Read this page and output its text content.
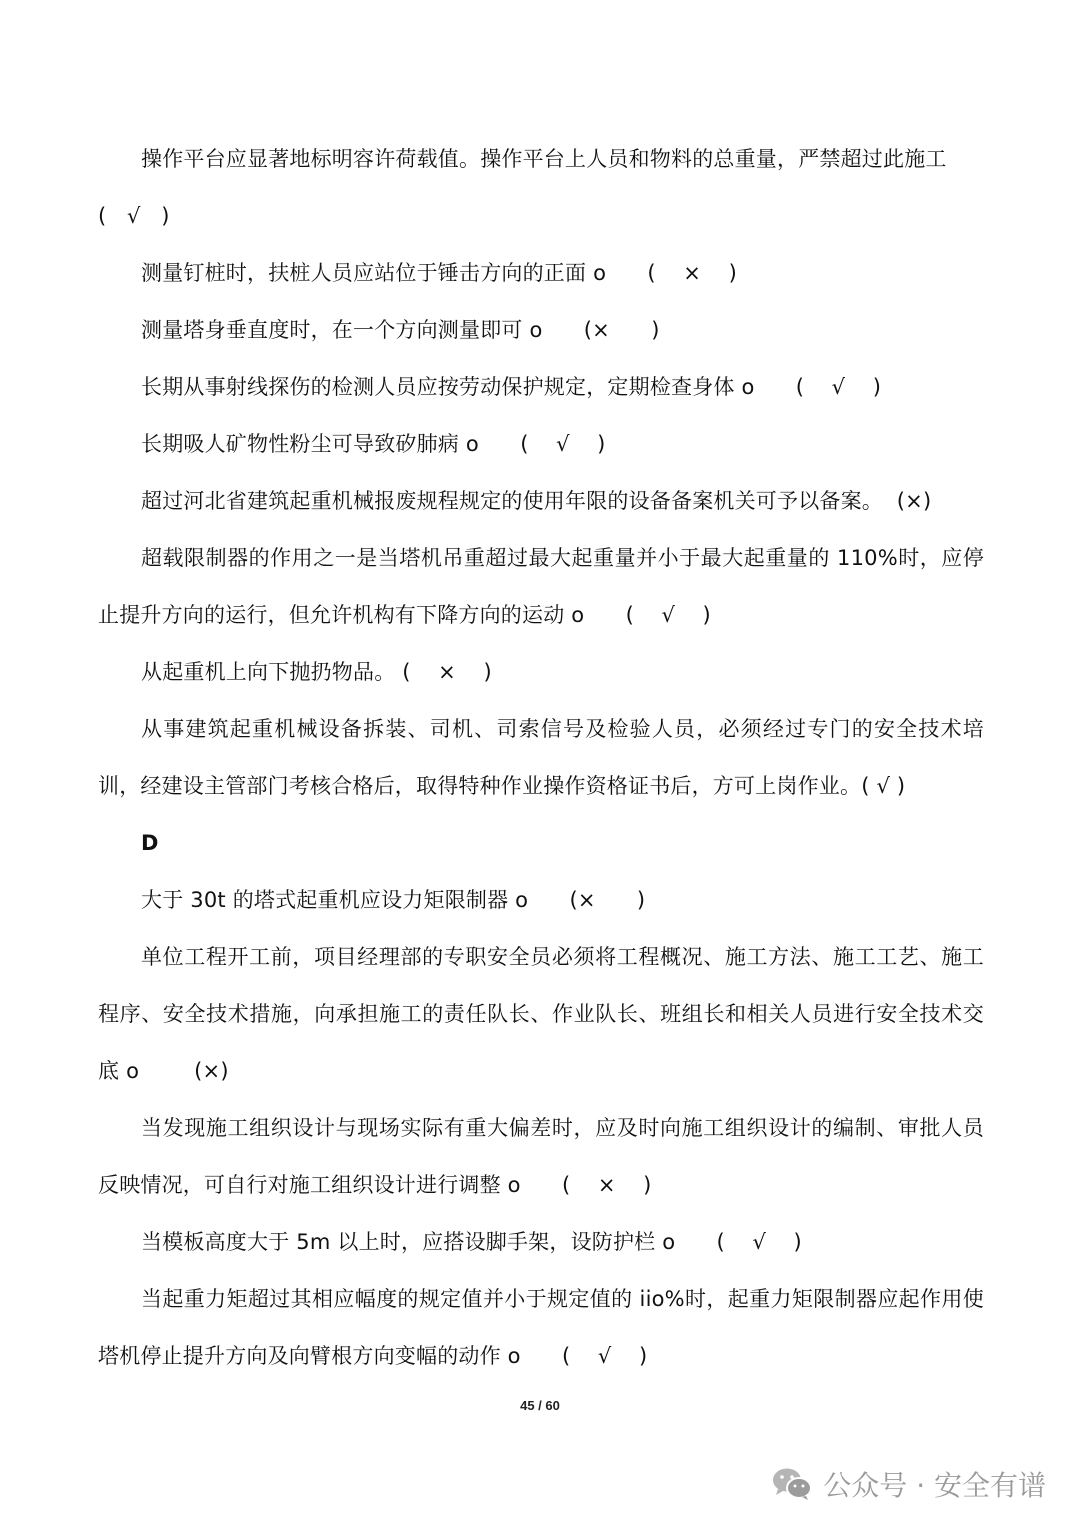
操作平台应显著地标明容许荷载值。操作平台上人员和物料的总重量，严禁超过此施工
(   √   )

测量钉桩时，扶桩人员应站位于锤击方向的正面 o      (    ×    )

测量塔身垂直度时，在一个方向测量即可 o      (×      )

长期从事射线探伤的检测人员应按劳动保护规定，定期检查身体 o      (    √    )

长期吸人矿物性粉尘可导致矽肺病 o      (    √    )

超过河北省建筑起重机械报废规程规定的使用年限的设备备案机关可予以备案。  (×)

超载限制器的作用之一是当塔机吊重超过最大起重量并小于最大起重量的 110%时，应停止提升方向的运行，但允许机构有下降方向的运动 o      (    √    )

从起重机上向下抛扔物品。 (    ×    )

从事建筑起重机械设备拆装、司机、司索信号及检验人员，必须经过专门的安全技术培训，经建设主管部门考核合格后，取得特种作业操作资格证书后，方可上岗作业。( √ )

D

大于 30t 的塔式起重机应设力矩限制器 o      (×      )

单位工程开工前，项目经理部的专职安全员必须将工程概况、施工方法、施工工艺、施工程序、安全技术措施，向承担施工的责任队长、作业队长、班组长和相关人员进行安全技术交底 o        (×)

当发现施工组织设计与现场实际有重大偏差时，应及时向施工组织设计的编制、审批人员反映情况，可自行对施工组织设计进行调整 o      (    ×    )

当模板高度大于 5m 以上时，应搭设脚手架，设防护栏 o      (    √    )

当起重力矩超过其相应幅度的规定值并小于规定值的 iio%时，起重力矩限制器应起作用使塔机停止提升方向及向臂根方向变幅的动作 o      (    √    )

45 / 60
公众号 · 安全有谱
